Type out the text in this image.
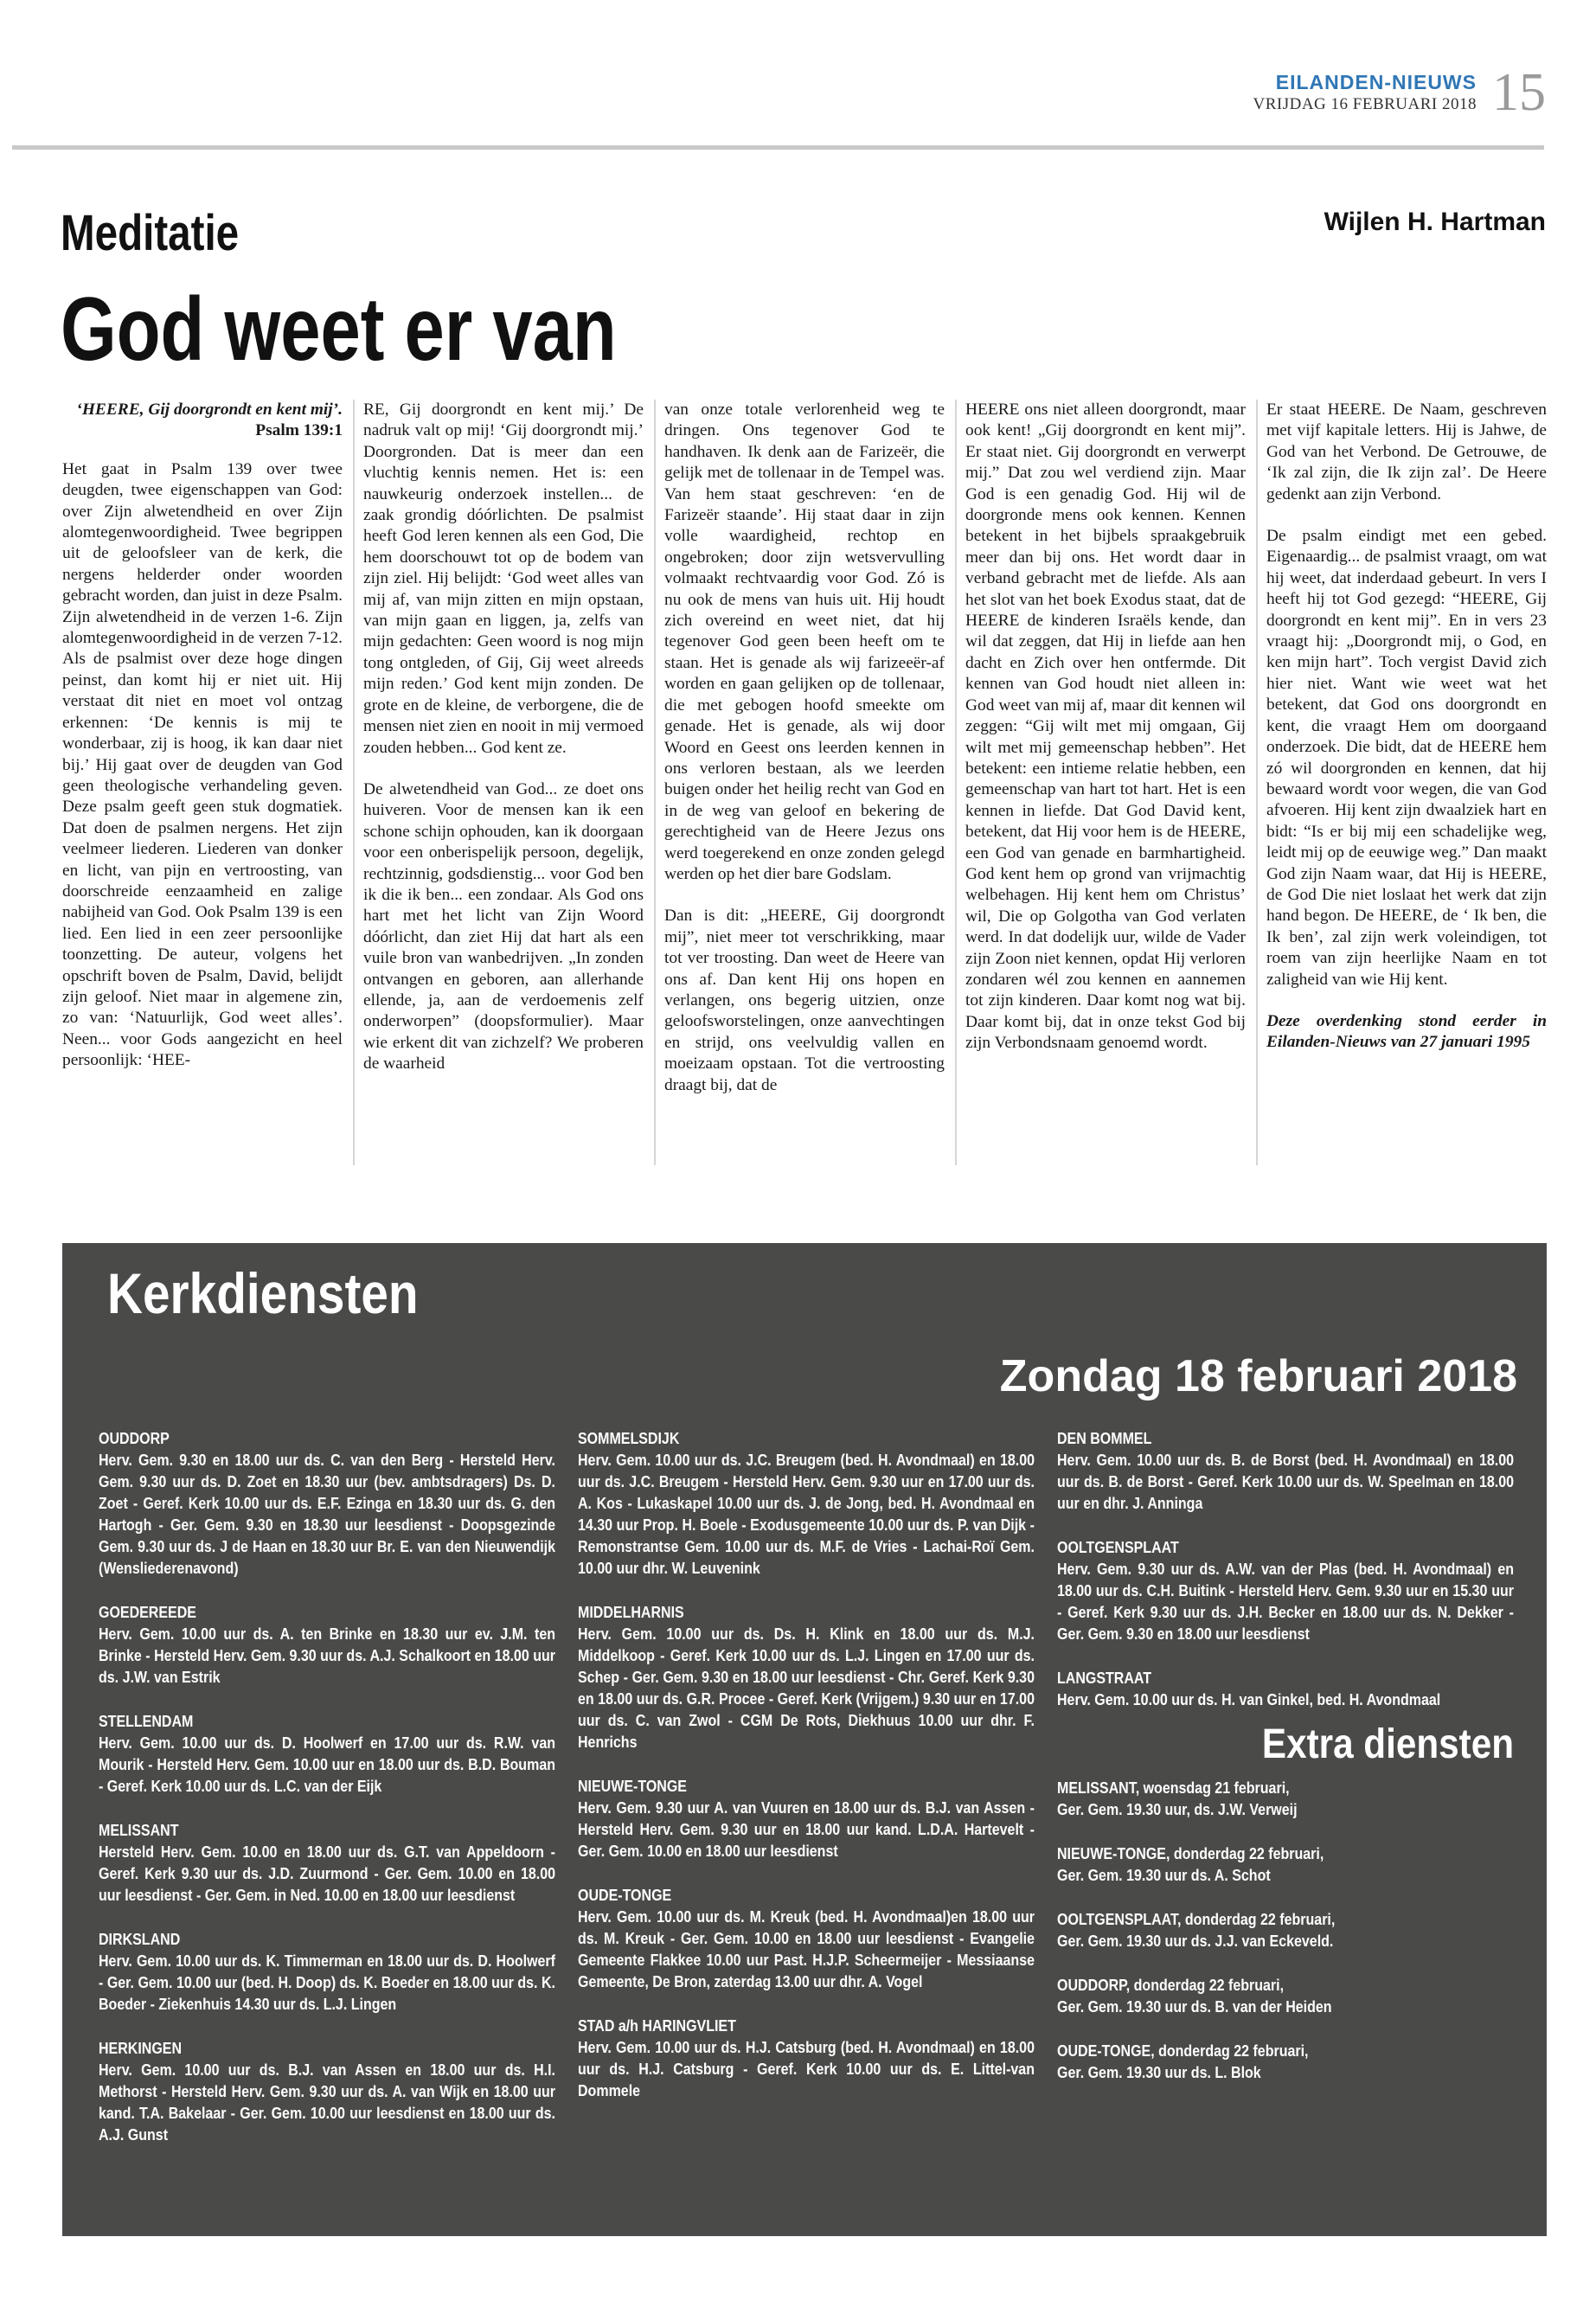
EILANDEN-NIEUWS
VRIJDAG 16 FEBRUARI 2018 15
Meditatie	Wijlen H. Hartman
God weet er van
‘HEERE, Gij doorgrondt en kent mij’.
Psalm 139:1

Het gaat in Psalm 139 over twee deugden, twee eigenschappen van God: over Zijn alwetendheid en over Zijn alomtegenwoordigheid. Twee begrippen uit de geloofsleer van de kerk, die nergens helderder onder woorden gebracht worden, dan juist in deze Psalm. Zijn alwetendheid in de verzen 1-6. Zijn alomtegenwoordigheid in de verzen 7-12. Als de psalmist over deze hoge dingen peinst, dan komt hij er niet uit. Hij verstaat dit niet en moet vol ontzag erkennen: ‘De kennis is mij te wonderbaar, zij is hoog, ik kan daar niet bij.’ Hij gaat over de deugden van God geen theologische verhandeling geven. Deze psalm geeft geen stuk dogmatiek. Dat doen de psalmen nergens. Het zijn veelmeer liederen. Liederen van donker en licht, van pijn en vertroosting, van doorschreide eenzaamheid en zalige nabijheid van God. Ook Psalm 139 is een lied. Een lied in een zeer persoonlijke toonzetting. De auteur, volgens het opschrift boven de Psalm, David, belijdt zijn geloof. Niet maar in algemene zin, zo van: ‘Natuurlijk, God weet alles’. Neen... voor Gods aangezicht en heel persoonlijk: ‘HEE-

RE, Gij doorgrondt en kent mij.’ De nadruk valt op mij! ‘Gij doorgrondt mij.’ Doorgronden. Dat is meer dan een vluchtig kennis nemen. Het is: een nauwkeurig onderzoek instellen... de zaak grondig dóórlichten. De psalmist heeft God leren kennen als een God, Die hem doorschouwt tot op de bodem van zijn ziel. Hij belijdt: ‘God weet alles van mij af, van mijn zitten en mijn opstaan, van mijn gaan en liggen, ja, zelfs van mijn gedachten: Geen woord is nog mijn tong ontgleden, of Gij, Gij weet alreeds mijn reden.’ God kent mijn zonden. De grote en de kleine, de verborgene, die de mensen niet zien en nooit in mij vermoed zouden hebben... God kent ze.

De alwetendheid van God... ze doet ons huiveren. Voor de mensen kan ik een schone schijn ophouden, kan ik doorgaan voor een onberispelijk persoon, degelijk, rechtzinnig, godsdienstig... voor God ben ik die ik ben... een zondaar. Als God ons hart met het licht van Zijn Woord dóórlicht, dan ziet Hij dat hart als een vuile bron van wanbedrijven. „In zonden ontvangen en geboren, aan allerhande ellende, ja, aan de verdoemenis zelf onderworpen” (doopsformulier). Maar wie erkent dit van zichzelf? We proberen de waarheid

van onze totale verlorenheid weg te dringen. Ons tegenover God te handhaven. Ik denk aan de Farizeër, die gelijk met de tollenaar in de Tempel was. Van hem staat geschreven: ‘en de Farizeër staande’. Hij staat daar in zijn volle waardigheid, rechtop en ongebroken; door zijn wetsvervulling volmaakt rechtvaardig voor God. Zó is nu ook de mens van huis uit. Hij houdt zich overeind en weet niet, dat hij tegenover God geen been heeft om te staan. Het is genade als wij farizeeër-af worden en gaan gelijken op de tollenaar, die met gebogen hoofd smeekte om genade. Het is genade, als wij door Woord en Geest ons leerden kennen in ons verloren bestaan, als we leerden buigen onder het heilig recht van God en in de weg van geloof en bekering de gerechtigheid van de Heere Jezus ons werd toegerekend en onze zonden gelegd werden op het dier bare Godslam.

Dan is dit: „HEERE, Gij doorgrondt mij”, niet meer tot verschrikking, maar tot ver troosting. Dan weet de Heere van ons af. Dan kent Hij ons hopen en verlangen, ons begerig uitzien, onze geloofsworstelingen, onze aanvechtingen en strijd, ons veelvuldig vallen en moeizaam opstaan. Tot die vertroosting draagt bij, dat de

HEERE ons niet alleen doorgrondt, maar ook kent! „Gij doorgrondt en kent mij”. Er staat niet. Gij doorgrondt en verwerpt mij.” Dat zou wel verdiend zijn. Maar God is een genadig God. Hij wil de doorgronde mens ook kennen. Kennen betekent in het bijbels spraakgebruik meer dan bij ons. Het wordt daar in verband gebracht met de liefde. Als aan het slot van het boek Exodus staat, dat de HEERE de kinderen Israëls kende, dan wil dat zeggen, dat Hij in liefde aan hen dacht en Zich over hen ontfermde. Dit kennen van God houdt niet alleen in: God weet van mij af, maar dit kennen wil zeggen: “Gij wilt met mij omgaan, Gij wilt met mij gemeenschap hebben”. Het betekent: een intieme relatie hebben, een gemeenschap van hart tot hart. Het is een kennen in liefde. Dat God David kent, betekent, dat Hij voor hem is de HEERE, een God van genade en barmhartigheid. God kent hem op grond van vrijmachtig welbehagen. Hij kent hem om Christus’ wil, Die op Golgotha van God verlaten werd. In dat dodelijk uur, wilde de Vader zijn Zoon niet kennen, opdat Hij verloren zondaren wél zou kennen en aannemen tot zijn kinderen. Daar komt nog wat bij. Daar komt bij, dat in onze tekst God bij zijn Verbondsnaam genoemd wordt.

Er staat HEERE. De Naam, geschreven met vijf kapitale letters. Hij is Jahwe, de God van het Verbond. De Getrouwe, de ‘Ik zal zijn, die Ik zijn zal’. De Heere gedenkt aan zijn Verbond.

De psalm eindigt met een gebed. Eigenaardig... de psalmist vraagt, om wat hij weet, dat inderdaad gebeurt. In vers I heeft hij tot God gezegd: “HEERE, Gij doorgrondt en kent mij”. En in vers 23 vraagt hij: „Doorgrondt mij, o God, en ken mijn hart”. Toch vergist David zich hier niet. Want wie weet wat het betekent, dat God ons doorgrondt en kent, die vraagt Hem om doorgaand onderzoek. Die bidt, dat de HEERE hem zó wil doorgronden en kennen, dat hij bewaard wordt voor wegen, die van God afvoeren. Hij kent zijn dwaalziek hart en bidt: “Is er bij mij een schadelijke weg, leidt mij op de eeuwige weg.” Dan maakt God zijn Naam waar, dat Hij is HEERE, de God Die niet loslaat het werk dat zijn hand begon. De HEERE, de ‘ Ik ben, die Ik ben’, zal zijn werk voleindigen, tot roem van zijn heerlijke Naam en tot zaligheid van wie Hij kent.

Deze overdenking stond eerder in Eilanden-Nieuws van 27 januari 1995

Kerkdiensten
Zondag 18 februari 2018
OUDDORP
Herv. Gem. 9.30 en 18.00 uur ds. C. van den Berg - Hersteld Herv. Gem. 9.30 uur ds. D. Zoet en 18.30 uur (bev. ambtsdragers) Ds. D. Zoet - Geref. Kerk 10.00 uur ds. E.F. Ezinga en 18.30 uur ds. G. den Hartogh - Ger. Gem. 9.30 en 18.30 uur leesdienst - Doopsgezinde Gem. 9.30 uur ds. J de Haan en 18.30 uur Br. E. van den Nieuwendijk (Wensliederenavond)
GOEDEREEDE
Herv. Gem. 10.00 uur ds. A. ten Brinke en 18.30 uur ev. J.M. ten Brinke - Hersteld Herv. Gem. 9.30 uur ds. A.J. Schalkoort en 18.00 uur ds. J.W. van Estrik
STELLENDAM
Herv. Gem. 10.00 uur ds. D. Hoolwerf en 17.00 uur ds. R.W. van Mourik - Hersteld Herv. Gem. 10.00 uur en 18.00 uur ds. B.D. Bouman - Geref. Kerk 10.00 uur ds. L.C. van der Eijk
MELISSANT
Hersteld Herv. Gem. 10.00 en 18.00 uur ds. G.T. van Appeldoorn - Geref. Kerk 9.30 uur ds. J.D. Zuurmond - Ger. Gem. 10.00 en 18.00 uur leesdienst - Ger. Gem. in Ned. 10.00 en 18.00 uur leesdienst
DIRKSLAND
Herv. Gem. 10.00 uur ds. K. Timmerman en 18.00 uur ds. D. Hoolwerf - Ger. Gem. 10.00 uur (bed. H. Doop) ds. K. Boeder en 18.00 uur ds. K. Boeder - Ziekenhuis 14.30 uur ds. L.J. Lingen
HERKINGEN
Herv. Gem. 10.00 uur ds. B.J. van Assen en 18.00 uur ds. H.I. Methorst - Hersteld Herv. Gem. 9.30 uur ds. A. van Wijk en 18.00 uur kand. T.A. Bakelaar - Ger. Gem. 10.00 uur leesdienst en 18.00 uur ds. A.J. Gunst
SOMMELSDIJK
Herv. Gem. 10.00 uur ds. J.C. Breugem (bed. H. Avondmaal) en 18.00 uur ds. J.C. Breugem - Hersteld Herv. Gem. 9.30 uur en 17.00 uur ds. A. Kos - Lukaskapel 10.00 uur ds. J. de Jong, bed. H. Avondmaal en 14.30 uur Prop. H. Boele - Exodusgemeente 10.00 uur ds. P. van Dijk - Remonstrantse Gem. 10.00 uur ds. M.F. de Vries - Lachai-Roï Gem. 10.00 uur dhr. W. Leuvenink
MIDDELHARNIS
Herv. Gem. 10.00 uur ds. Ds. H. Klink en 18.00 uur ds. M.J. Middelkoop - Geref. Kerk 10.00 uur ds. L.J. Lingen en 17.00 uur ds. Schep - Ger. Gem. 9.30 en 18.00 uur leesdienst - Chr. Geref. Kerk 9.30 en 18.00 uur ds. G.R. Procee - Geref. Kerk (Vrijgem.) 9.30 uur en 17.00 uur ds. C. van Zwol - CGM De Rots, Diekhuus 10.00 uur dhr. F. Henrichs
NIEUWE-TONGE
Herv. Gem. 9.30 uur A. van Vuuren en 18.00 uur ds. B.J. van Assen - Hersteld Herv. Gem. 9.30 uur en 18.00 uur kand. L.D.A. Hartevelt - Ger. Gem. 10.00 en 18.00 uur leesdienst
OUDE-TONGE
Herv. Gem. 10.00 uur ds. M. Kreuk (bed. H. Avondmaal)en 18.00 uur ds. M. Kreuk - Ger. Gem. 10.00 en 18.00 uur leesdienst - Evangelie Gemeente Flakkee 10.00 uur Past. H.J.P. Scheermeijer - Messiaanse Gemeente, De Bron, zaterdag 13.00 uur dhr. A. Vogel
STAD a/h HARINGVLIET
Herv. Gem. 10.00 uur ds. H.J. Catsburg (bed. H. Avondmaal) en 18.00 uur ds. H.J. Catsburg - Geref. Kerk 10.00 uur ds. E. Littel-van Dommele
DEN BOMMEL
Herv. Gem. 10.00 uur ds. B. de Borst (bed. H. Avondmaal) en 18.00 uur ds. B. de Borst - Geref. Kerk 10.00 uur ds. W. Speelman en 18.00 uur en dhr. J. Anninga
OOLTGENSPLAAT
Herv. Gem. 9.30 uur ds. A.W. van der Plas (bed. H. Avondmaal) en 18.00 uur ds. C.H. Buitink - Hersteld Herv. Gem. 9.30 uur en 15.30 uur - Geref. Kerk 9.30 uur ds. J.H. Becker en 18.00 uur ds. N. Dekker - Ger. Gem. 9.30 en 18.00 uur leesdienst
LANGSTRAAT
Herv. Gem. 10.00 uur ds. H. van Ginkel, bed. H. Avondmaal
Extra diensten
MELISSANT, woensdag 21 februari,
Ger. Gem. 19.30 uur, ds. J.W. Verweij
NIEUWE-TONGE, donderdag 22 februari,
Ger. Gem. 19.30 uur ds. A. Schot
OOLTGENSPLAAT, donderdag 22 februari,
Ger. Gem. 19.30 uur ds. J.J. van Eckeveld.
OUDDORP, donderdag 22 februari,
Ger. Gem. 19.30 uur ds. B. van der Heiden
OUDE-TONGE, donderdag 22 februari,
Ger. Gem. 19.30 uur ds. L. Blok
